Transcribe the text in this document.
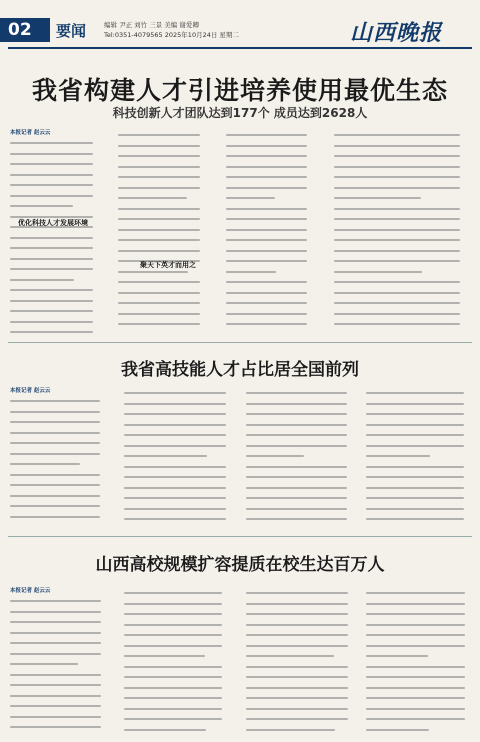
02	要闻	编辑 尹正 刘竹 三景 美编 谢爱卿
Tel:0351-4079565 2025年10月24日 星期二	山西晚报
我省构建人才引进培养使用最优生态
科技创新人才团队达到177个 成员达到2628人
本报记者 赵云云
优化科技人才发展环境
聚天下英才而用之
我省高技能人才占比居全国前列
本报记者 赵云云
山西高校规模扩容提质在校生达百万人
本报记者 赵云云
